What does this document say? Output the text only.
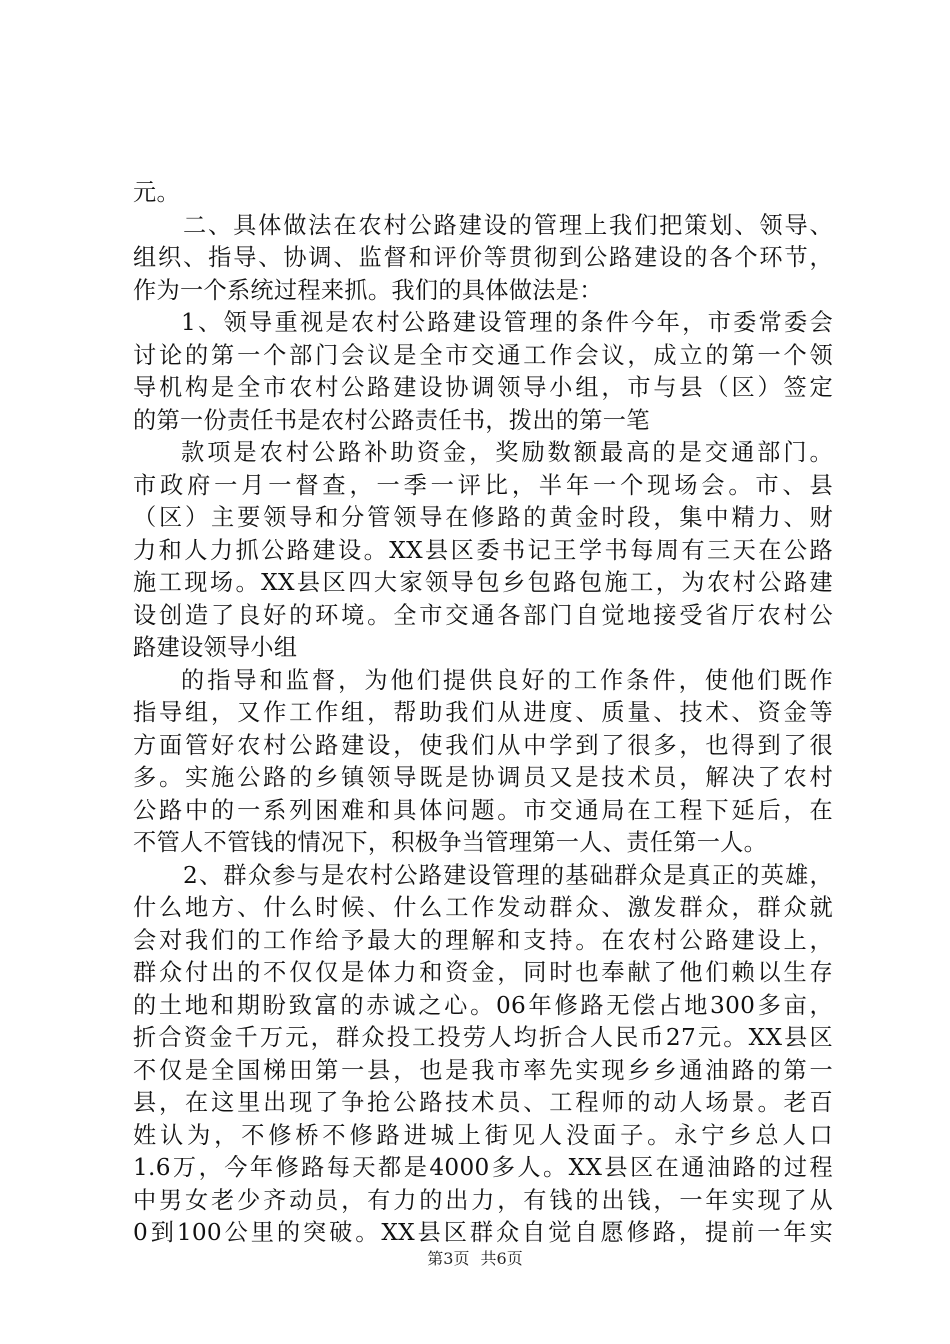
元。
二、具体做法在农村公路建设的管理上我们把策划、领导、
组织、指导、协调、监督和评价等贯彻到公路建设的各个环节，
作为一个系统过程来抓。我们的具体做法是：
1、领导重视是农村公路建设管理的条件今年，市委常委会
讨论的第一个部门会议是全市交通工作会议，成立的第一个领
导机构是全市农村公路建设协调领导小组，市与县（区）签定
的第一份责任书是农村公路责任书，拨出的第一笔
款项是农村公路补助资金，奖励数额最高的是交通部门。
市政府一月一督查，一季一评比，半年一个现场会。市、县
（区）主要领导和分管领导在修路的黄金时段，集中精力、财
力和人力抓公路建设。XX县区委书记王学书每周有三天在公路
施工现场。XX县区四大家领导包乡包路包施工，为农村公路建
设创造了良好的环境。全市交通各部门自觉地接受省厅农村公
路建设领导小组
的指导和监督，为他们提供良好的工作条件，使他们既作
指导组，又作工作组，帮助我们从进度、质量、技术、资金等
方面管好农村公路建设，使我们从中学到了很多，也得到了很
多。实施公路的乡镇领导既是协调员又是技术员，解决了农村
公路中的一系列困难和具体问题。市交通局在工程下延后，在
不管人不管钱的情况下，积极争当管理第一人、责任第一人。
2、群众参与是农村公路建设管理的基础群众是真正的英雄，
什么地方、什么时候、什么工作发动群众、激发群众，群众就
会对我们的工作给予最大的理解和支持。在农村公路建设上，
群众付出的不仅仅是体力和资金，同时也奉献了他们赖以生存
的土地和期盼致富的赤诚之心。06年修路无偿占地300多亩，
折合资金千万元，群众投工投劳人均折合人民币27元。XX县区
不仅是全国梯田第一县，也是我市率先实现乡乡通油路的第一
县，在这里出现了争抢公路技术员、工程师的动人场景。老百
姓认为，不修桥不修路进城上街见人没面子。永宁乡总人口
1.6万，今年修路每天都是4000多人。XX县区在通油路的过程
中男女老少齐动员，有力的出力，有钱的出钱，一年实现了从
0到100公里的突破。XX县区群众自觉自愿修路，提前一年实
第3页 共6页
